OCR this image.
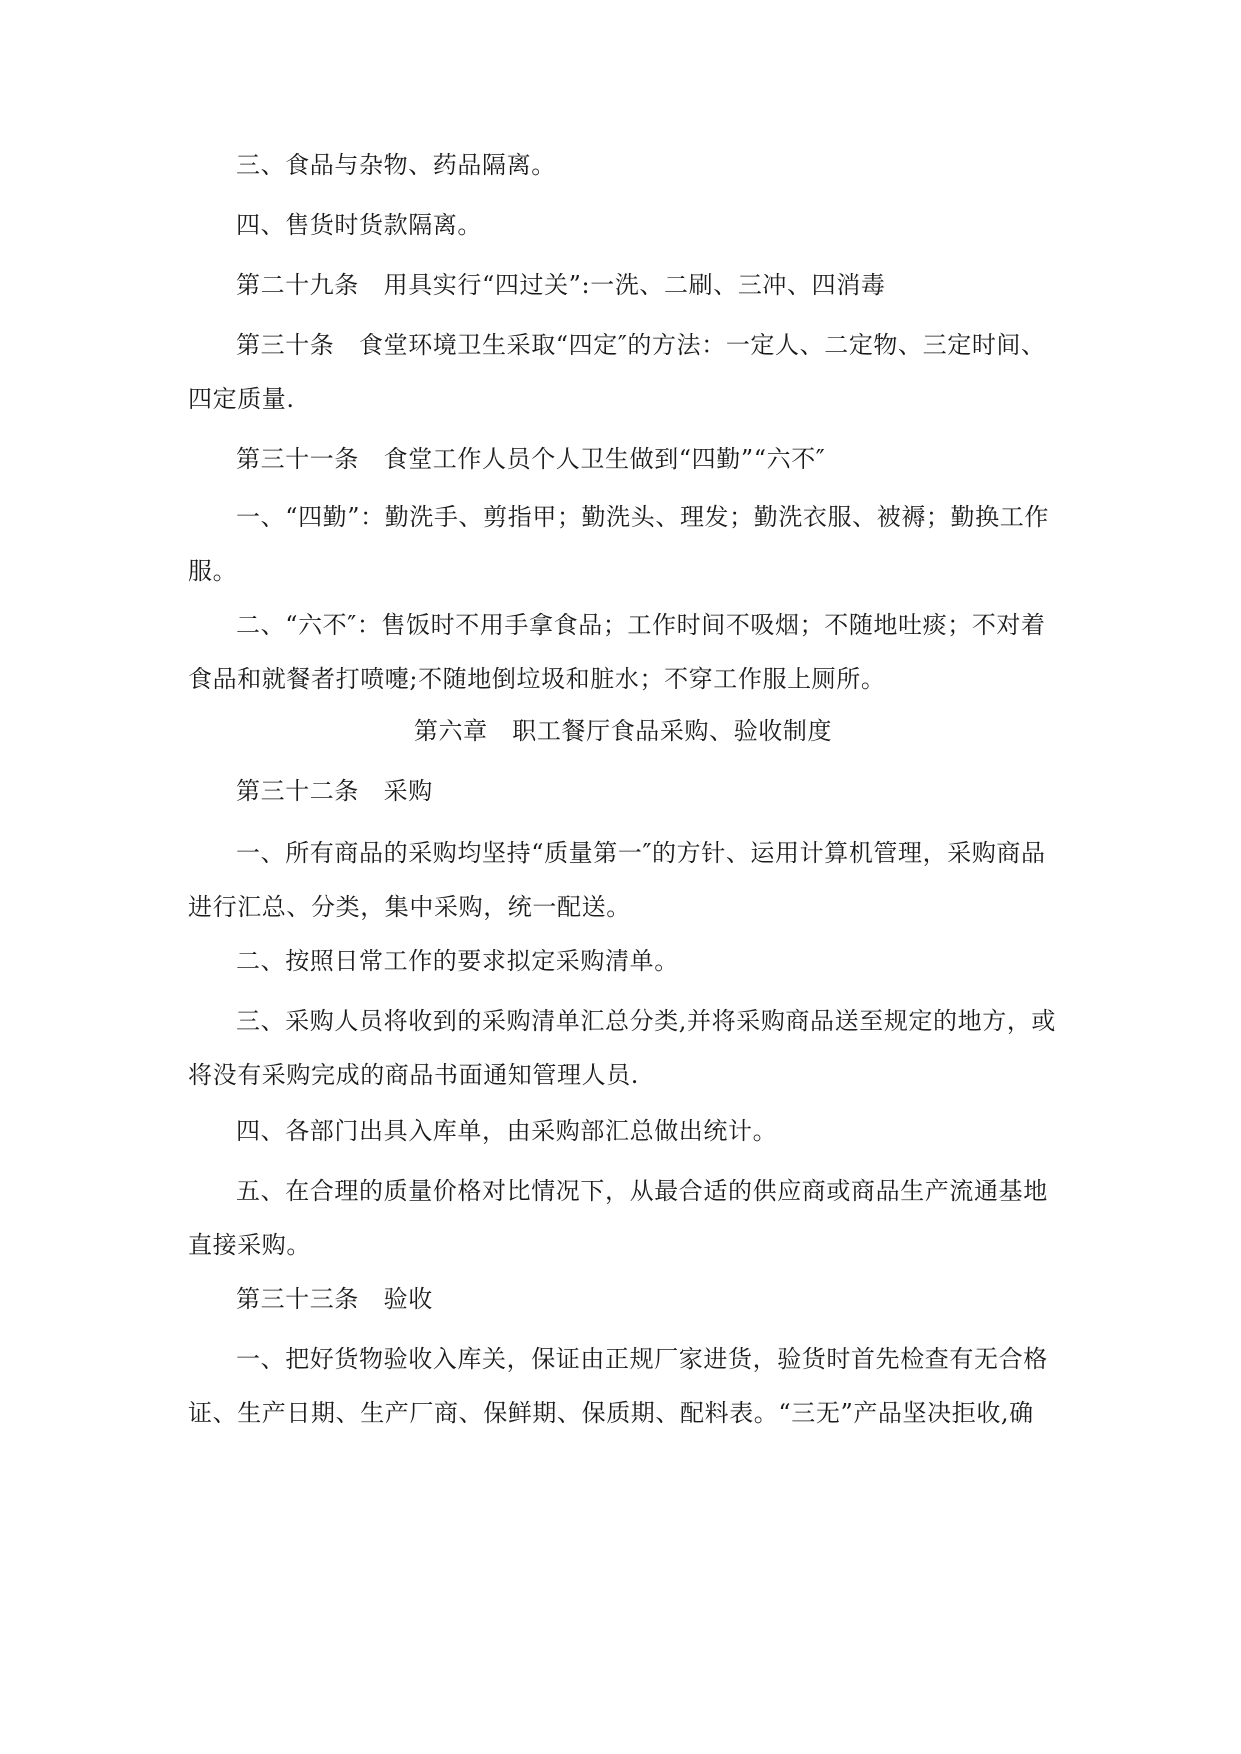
三、食品与杂物、药品隔离。

四、售货时货款隔离。

第二十九条　用具实行“四过关”:一洗、二刷、三冲、四消毒

第三十条　食堂环境卫生采取“四定″的方法：一定人、二定物、三定时间、四定质量.

第三十一条　食堂工作人员个人卫生做到“四勤”“六不″

一、“四勤”：勤洗手、剪指甲；勤洗头、理发；勤洗衣服、被褥；勤换工作服。

二、“六不″：售饭时不用手拿食品；工作时间不吸烟；不随地吐痰；不对着食品和就餐者打喷嚏;不随地倒垃圾和脏水；不穿工作服上厕所。

第六章　职工餐厅食品采购、验收制度

第三十二条　采购

一、所有商品的采购均坚持“质量第一″的方针、运用计算机管理，采购商品进行汇总、分类，集中采购，统一配送。

二、按照日常工作的要求拟定采购清单。

三、采购人员将收到的采购清单汇总分类,并将采购商品送至规定的地方，或将没有采购完成的商品书面通知管理人员.

四、各部门出具入库单，由采购部汇总做出统计。

五、在合理的质量价格对比情况下，从最合适的供应商或商品生产流通基地直接采购。

第三十三条　验收

一、把好货物验收入库关，保证由正规厂家进货，验货时首先检查有无合格证、生产日期、生产厂商、保鲜期、保质期、配料表。“三无”产品坚决拒收,确
